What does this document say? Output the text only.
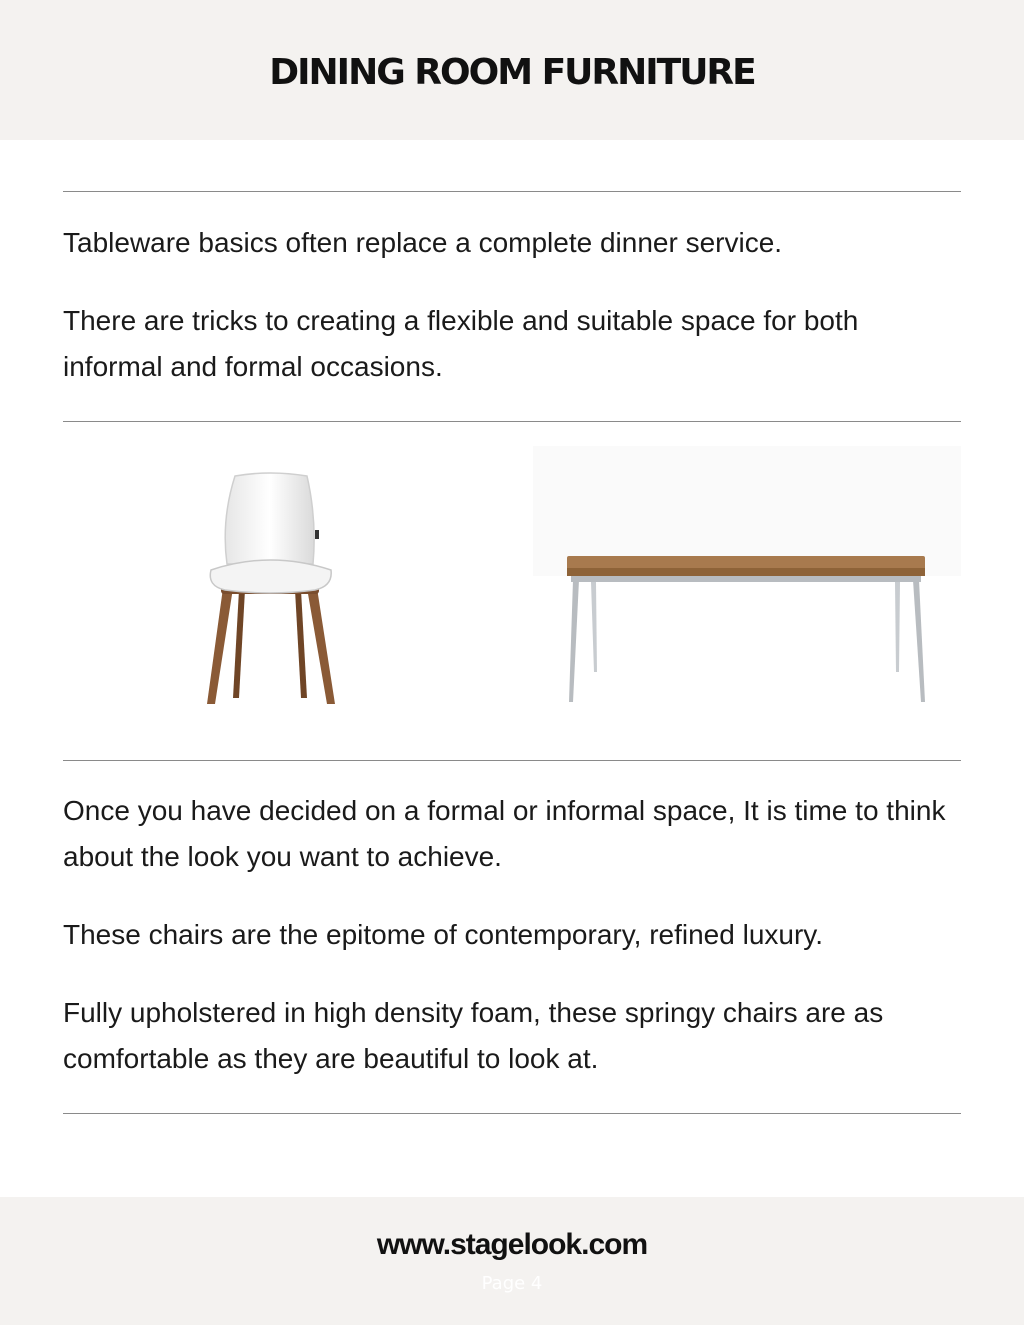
DINING ROOM FURNITURE

Tableware basics often replace a complete dinner service.

There are tricks to creating a flexible and suitable space for both informal and formal occasions.

Once you have decided on a formal or informal space, It is time to think about the look you want to achieve.

These chairs are the epitome of contemporary, refined luxury.

Fully upholstered in high density foam, these springy chairs are as comfortable as they are beautiful to look at.

www.stagelook.com
Page 4
